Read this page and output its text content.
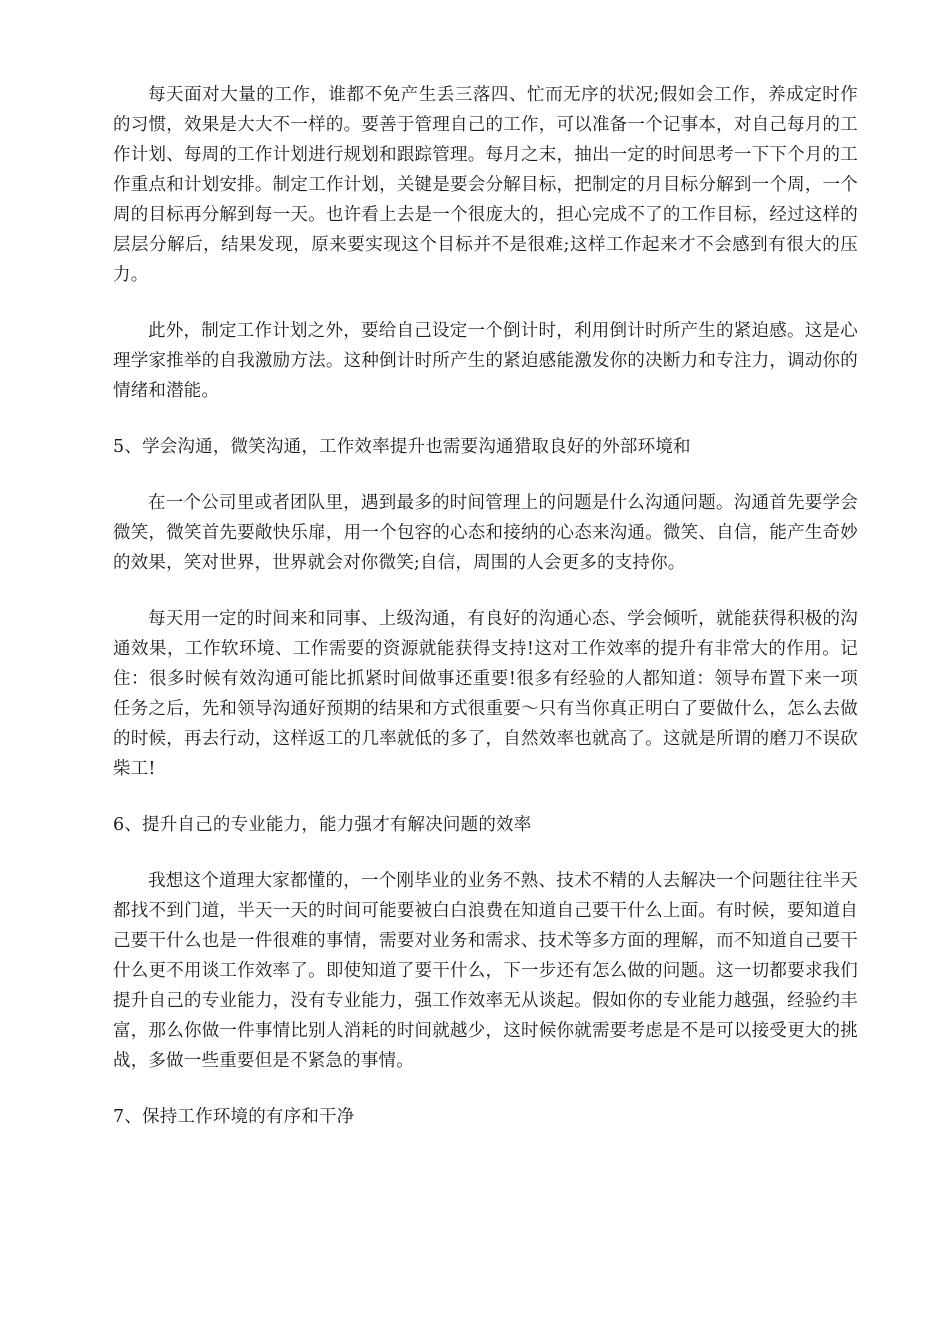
每天面对大量的工作，谁都不免产生丢三落四、忙而无序的状况;假如会工作，养成定时作的习惯，效果是大大不一样的。要善于管理自己的工作，可以准备一个记事本，对自己每月的工作计划、每周的工作计划进行规划和跟踪管理。每月之末，抽出一定的时间思考一下下个月的工作重点和计划安排。制定工作计划，关键是要会分解目标，把制定的月目标分解到一个周，一个周的目标再分解到每一天。也许看上去是一个很庞大的，担心完成不了的工作目标，经过这样的层层分解后，结果发现，原来要实现这个目标并不是很难;这样工作起来才不会感到有很大的压力。

此外，制定工作计划之外，要给自己设定一个倒计时，利用倒计时所产生的紧迫感。这是心理学家推举的自我激励方法。这种倒计时所产生的紧迫感能激发你的决断力和专注力，调动你的情绪和潜能。

5、学会沟通，微笑沟通，工作效率提升也需要沟通猎取良好的外部环境和

在一个公司里或者团队里，遇到最多的时间管理上的问题是什么沟通问题。沟通首先要学会微笑，微笑首先要敞快乐扉，用一个包容的心态和接纳的心态来沟通。微笑、自信，能产生奇妙的效果，笑对世界，世界就会对你微笑;自信，周围的人会更多的支持你。

每天用一定的时间来和同事、上级沟通，有良好的沟通心态、学会倾听，就能获得积极的沟通效果，工作软环境、工作需要的资源就能获得支持!这对工作效率的提升有非常大的作用。记住：很多时候有效沟通可能比抓紧时间做事还重要!很多有经验的人都知道：领导布置下来一项任务之后，先和领导沟通好预期的结果和方式很重要～只有当你真正明白了要做什么，怎么去做的时候，再去行动，这样返工的几率就低的多了，自然效率也就高了。这就是所谓的磨刀不误砍柴工!

6、提升自己的专业能力，能力强才有解决问题的效率

我想这个道理大家都懂的，一个刚毕业的业务不熟、技术不精的人去解决一个问题往往半天都找不到门道，半天一天的时间可能要被白白浪费在知道自己要干什么上面。有时候，要知道自己要干什么也是一件很难的事情，需要对业务和需求、技术等多方面的理解，而不知道自己要干什么更不用谈工作效率了。即使知道了要干什么，下一步还有怎么做的问题。这一切都要求我们提升自己的专业能力，没有专业能力，强工作效率无从谈起。假如你的专业能力越强，经验约丰富，那么你做一件事情比别人消耗的时间就越少，这时候你就需要考虑是不是可以接受更大的挑战，多做一些重要但是不紧急的事情。

7、保持工作环境的有序和干净
